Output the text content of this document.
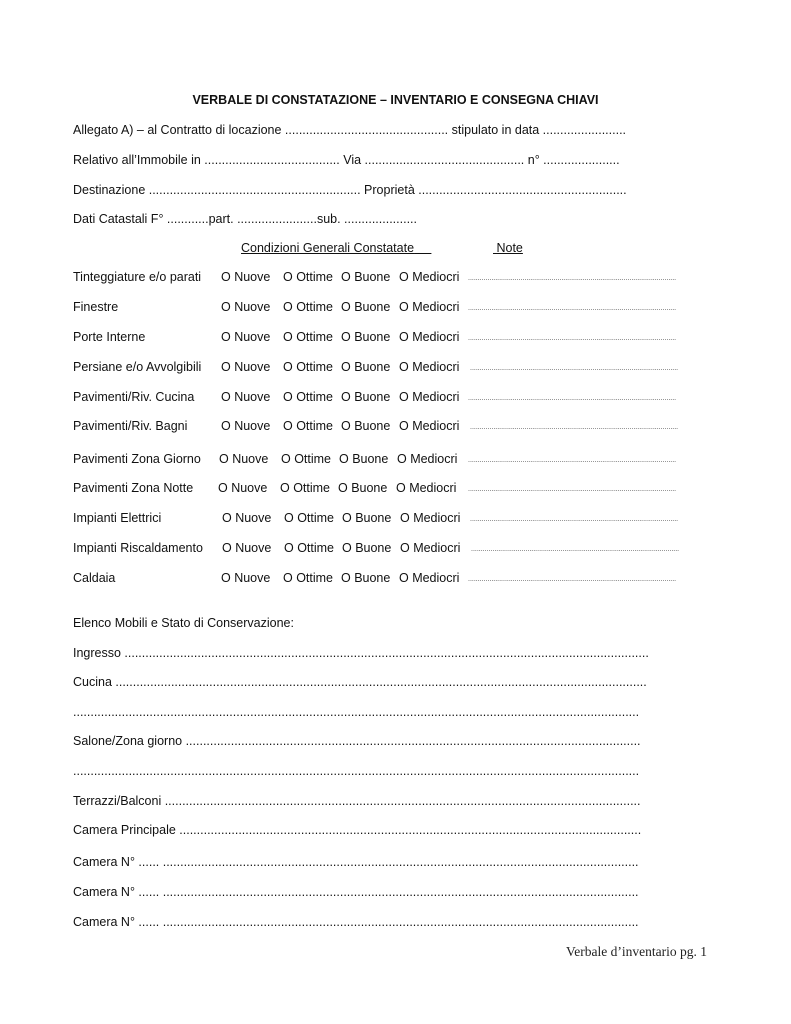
VERBALE DI CONSTATAZIONE – INVENTARIO E CONSEGNA CHIAVI
Allegato A) – al Contratto di locazione ............................................... stipulato in data ........................
Relativo all’Immobile in ....................................... Via .............................................. n° ......................
Destinazione ............................................................. Proprietà ............................................................
Dati Catastali F° ............part. .......................sub. .....................
Condizioni Generali Constatate	Note
Tinteggiature e/o parati O Nuove O Ottime O Buone O Mediocri ...........................................................................................................
Finestre	O Nuove O Ottime O Buone O Mediocri ...........................................................................................................
Porte Interne	O Nuove O Ottime O Buone O Mediocri ...........................................................................................................
Persiane e/o Avvolgibili O Nuove O Ottime O Buone O Mediocri ...........................................................................................................
Pavimenti/Riv. Cucina O Nuove O Ottime O Buone O Mediocri ...........................................................................................................
Pavimenti/Riv. Bagni	O Nuove O Ottime O Buone O Mediocri ...........................................................................................................
Pavimenti Zona Giorno O Nuove O Ottime O Buone O Mediocri ...........................................................................................................
Pavimenti Zona Notte O Nuove O Ottime O Buone O Mediocri ...........................................................................................................
Impianti Elettrici	O Nuove O Ottime O Buone O Mediocri ...........................................................................................................
Impianti Riscaldamento O Nuove O Ottime O Buone O Mediocri ...........................................................................................................
Caldaia	O Nuove O Ottime O Buone O Mediocri ...........................................................................................................
Elenco Mobili e Stato di Conservazione:
Ingresso .......................................................................................................................................................
Cucina .........................................................................................................................................................
...................................................................................................................................................................
Salone/Zona giorno ...................................................................................................................................
...................................................................................................................................................................
Terrazzi/Balconi .........................................................................................................................................
Camera Principale .....................................................................................................................................
Camera N° ...... .........................................................................................................................................
Camera N° ...... .........................................................................................................................................
Camera N° ...... .........................................................................................................................................
Verbale d’inventario pg. 1
